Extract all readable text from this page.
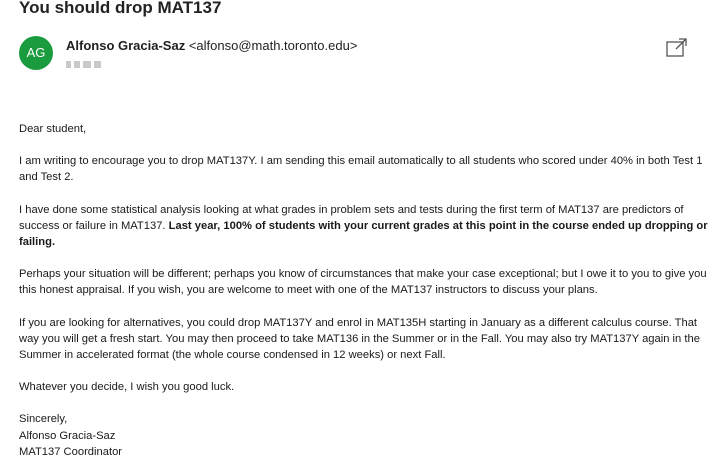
You should drop MAT137
AG	Alfonso Gracia-Saz <alfonso@math.toronto.edu>

Dear student,

I am writing to encourage you to drop MAT137Y. I am sending this email automatically to all students who scored under 40% in both Test 1 and Test 2.

I have done some statistical analysis looking at what grades in problem sets and tests during the first term of MAT137 are predictors of success or failure in MAT137. Last year, 100% of students with your current grades at this point in the course ended up dropping or failing.

Perhaps your situation will be different; perhaps you know of circumstances that make your case exceptional; but I owe it to you to give you this honest appraisal. If you wish, you are welcome to meet with one of the MAT137 instructors to discuss your plans.

If you are looking for alternatives, you could drop MAT137Y and enrol in MAT135H starting in January as a different calculus course. That way you will get a fresh start. You may then proceed to take MAT136 in the Summer or in the Fall. You may also try MAT137Y again in the Summer in accelerated format (the whole course condensed in 12 weeks) or next Fall.

Whatever you decide, I wish you good luck.

Sincerely,

Alfonso Gracia-Saz

MAT137 Coordinator
